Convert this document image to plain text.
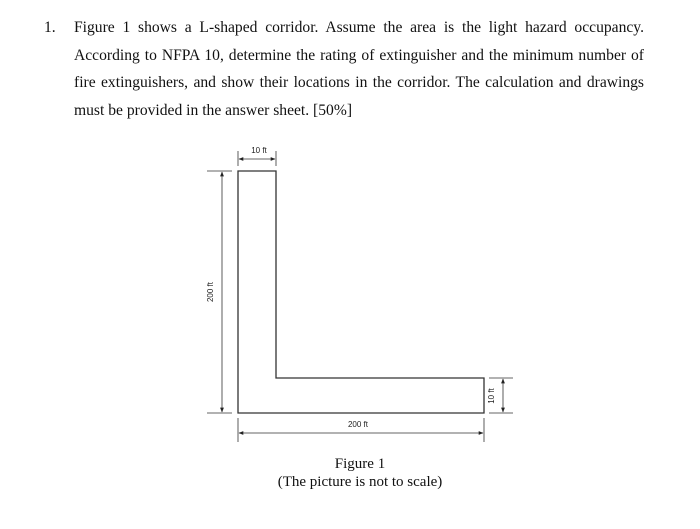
1. Figure 1 shows a L-shaped corridor. Assume the area is the light hazard occupancy. According to NFPA 10, determine the rating of extinguisher and the minimum number of fire extinguishers, and show their locations in the corridor. The calculation and drawings must be provided in the answer sheet. [50%]
10 ft
200 ft
200 ft
10 ft
Figure 1
(The picture is not to scale)
